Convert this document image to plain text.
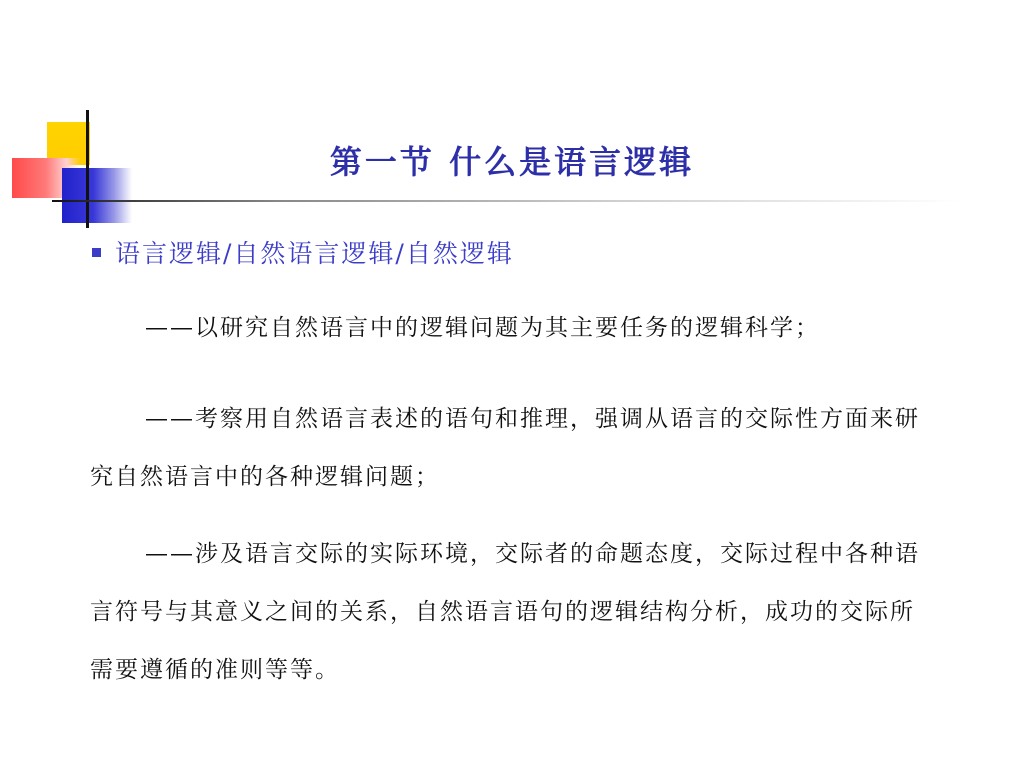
第一节 什么是语言逻辑
语言逻辑/自然语言逻辑/自然逻辑

——以研究自然语言中的逻辑问题为其主要任务的逻辑科学；

——考察用自然语言表述的语句和推理，强调从语言的交际性方面来研究自然语言中的各种逻辑问题；

——涉及语言交际的实际环境，交际者的命题态度，交际过程中各种语言符号与其意义之间的关系，自然语言语句的逻辑结构分析，成功的交际所需要遵循的准则等等。
